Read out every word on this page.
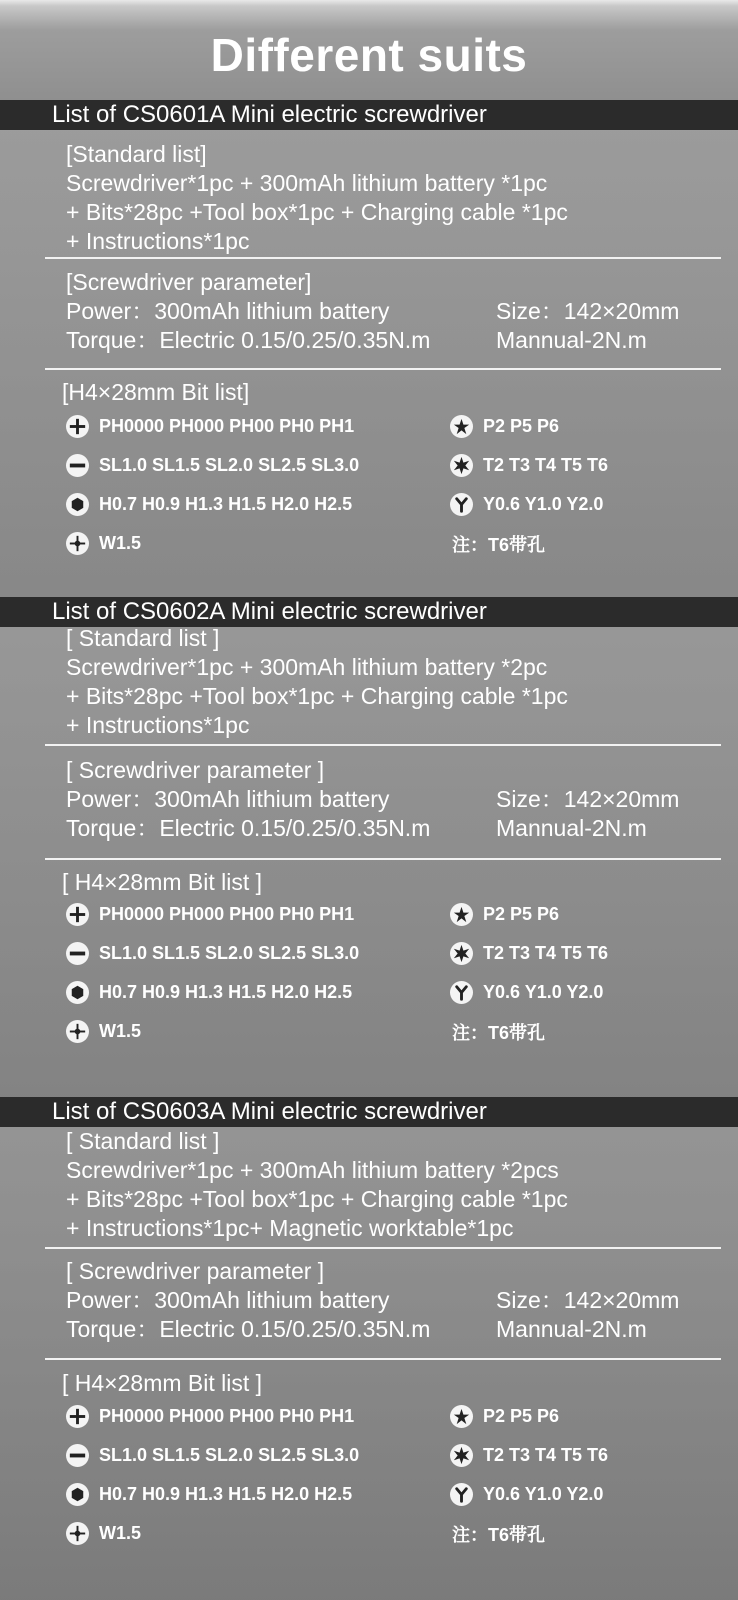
Different suits
List of CS0601A Mini electric screwdriver
[Standard list]
Screwdriver*1pc + 300mAh lithium battery *1pc
+ Bits*28pc +Tool box*1pc + Charging cable *1pc
+ Instructions*1pc
[Screwdriver parameter]
Power：300mAh lithium battery	Size：142×20mm
Torque：Electric 0.15/0.25/0.35N.m	Mannual-2N.m
[H4×28mm Bit list]
PH0000 PH000 PH00 PH0 PH1	P2 P5 P6
SL1.0 SL1.5 SL2.0 SL2.5 SL3.0	T2 T3 T4 T5 T6
H0.7 H0.9 H1.3 H1.5 H2.0 H2.5	Y0.6 Y1.0 Y2.0
W1.5	注：T6带孔
List of CS0602A Mini electric screwdriver
[ Standard list ]
Screwdriver*1pc + 300mAh lithium battery *2pc
+ Bits*28pc +Tool box*1pc + Charging cable *1pc
+ Instructions*1pc
[ Screwdriver parameter ]
Power：300mAh lithium battery	Size：142×20mm
Torque：Electric 0.15/0.25/0.35N.m	Mannual-2N.m
[ H4×28mm Bit list ]
PH0000 PH000 PH00 PH0 PH1	P2 P5 P6
SL1.0 SL1.5 SL2.0 SL2.5 SL3.0	T2 T3 T4 T5 T6
H0.7 H0.9 H1.3 H1.5 H2.0 H2.5	Y0.6 Y1.0 Y2.0
W1.5	注：T6带孔
List of CS0603A Mini electric screwdriver
[ Standard list ]
Screwdriver*1pc + 300mAh lithium battery *2pcs
+ Bits*28pc +Tool box*1pc + Charging cable *1pc
+ Instructions*1pc+ Magnetic worktable*1pc
[ Screwdriver parameter ]
Power：300mAh lithium battery	Size：142×20mm
Torque：Electric 0.15/0.25/0.35N.m	Mannual-2N.m
[ H4×28mm Bit list ]
PH0000 PH000 PH00 PH0 PH1	P2 P5 P6
SL1.0 SL1.5 SL2.0 SL2.5 SL3.0	T2 T3 T4 T5 T6
H0.7 H0.9 H1.3 H1.5 H2.0 H2.5	Y0.6 Y1.0 Y2.0
W1.5	注：T6带孔
